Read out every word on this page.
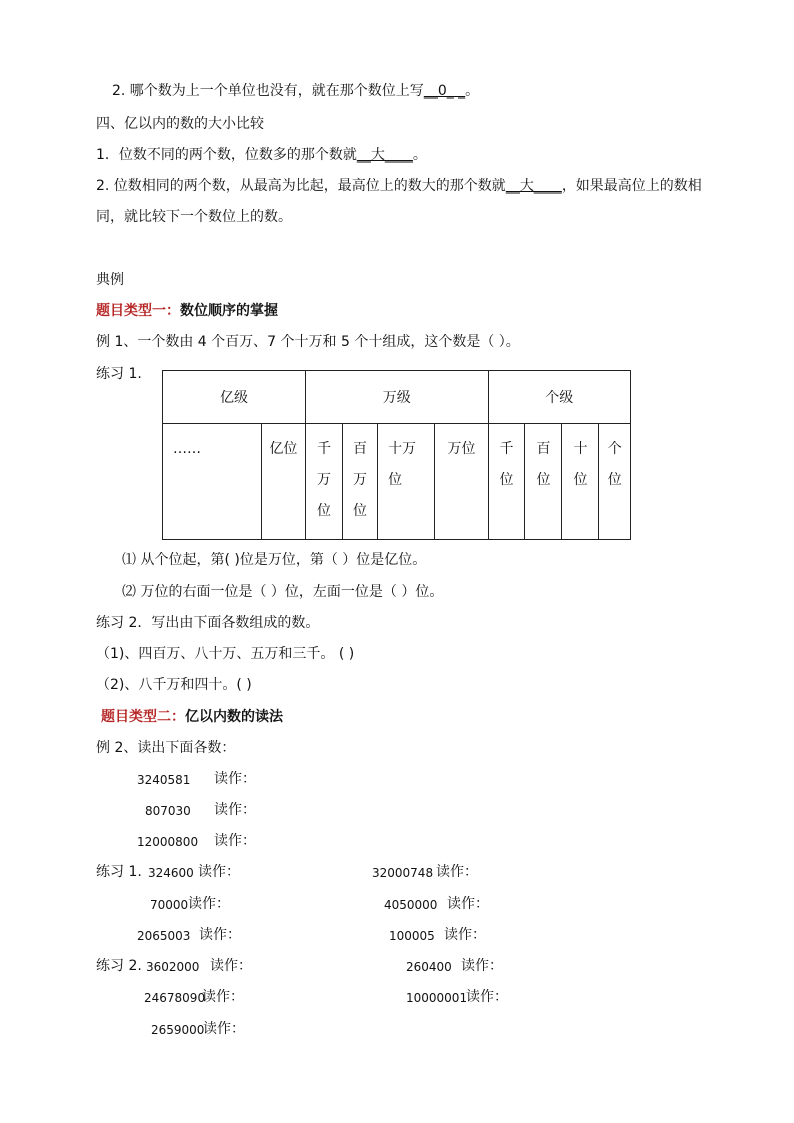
2. 哪个数为上一个单位也没有，就在那个数位上写__0_ _。
四、亿以内的数的大小比较
1．位数不同的两个数，位数多的那个数就__大____。
2. 位数相同的两个数，从最高为比起，最高位上的数大的那个数就__大____，如果最高位上的数相
同，就比较下一个数位上的数。
典例
题目类型一：数位顺序的掌握
例 1、一个数由 4 个百万、7 个十万和 5 个十组成，这个数是（ ）。
练习 1.
亿级		万级				个级			
……	亿位	千万位	百万位	十万位	万位	千位	百位	十位	个位
⑴ 从个位起，第( )位是万位，第（ ）位是亿位。
⑵ 万位的右面一位是（ ）位，左面一位是（ ）位。
练习 2．写出由下面各数组成的数。
（1)、四百万、八十万、五万和三千。 ( )
（2)、八千万和四十。( )
题目类型二：亿以内数的读法
例 2、读出下面各数：
3240581 读作：
807030 读作：
12000800 读作：
练习 1. 324600 读作：
70000 读作：
2065003 读作：
32000748 读作：
4050000 读作：
100005 读作：
练习 2. 3602000 读作：
24678090
读作：
2659000
读作：
260400 读作：
10000001
读作：
